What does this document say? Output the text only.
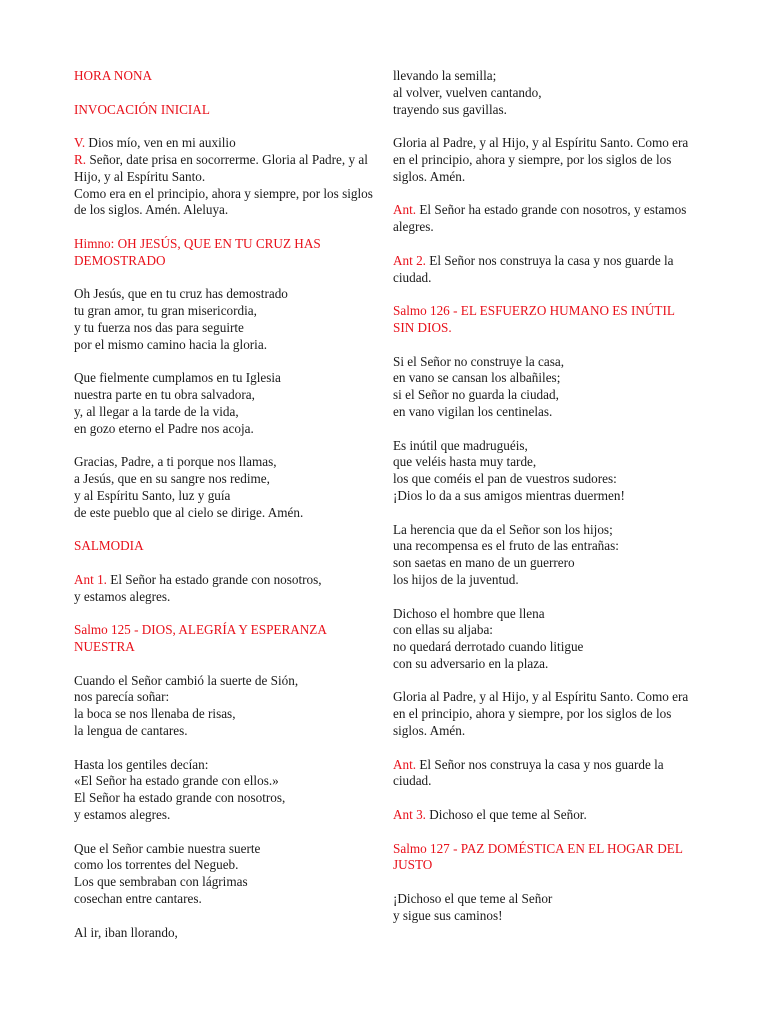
HORA NONA
INVOCACIÓN INICIAL
V. Dios mío, ven en mi auxilio
R. Señor, date prisa en socorrerme. Gloria al Padre, y al Hijo, y al Espíritu Santo.
Como era en el principio, ahora y siempre, por los siglos de los siglos. Amén. Aleluya.
Himno: OH JESÚS, QUE EN TU CRUZ HAS DEMOSTRADO
Oh Jesús, que en tu cruz has demostrado
tu gran amor, tu gran misericordia,
y tu fuerza nos das para seguirte
por el mismo camino hacia la gloria.
Que fielmente cumplamos en tu Iglesia
nuestra parte en tu obra salvadora,
y, al llegar a la tarde de la vida,
en gozo eterno el Padre nos acoja.
Gracias, Padre, a ti porque nos llamas,
a Jesús, que en su sangre nos redime,
y al Espíritu Santo, luz y guía
de este pueblo que al cielo se dirige. Amén.
SALMODIA
Ant 1. El Señor ha estado grande con nosotros,
y estamos alegres.
Salmo 125 - DIOS, ALEGRÍA Y ESPERANZA NUESTRA
Cuando el Señor cambió la suerte de Sión,
nos parecía soñar:
la boca se nos llenaba de risas,
la lengua de cantares.
Hasta los gentiles decían:
«El Señor ha estado grande con ellos.»
El Señor ha estado grande con nosotros,
y estamos alegres.
Que el Señor cambie nuestra suerte
como los torrentes del Negueb.
Los que sembraban con lágrimas
cosechan entre cantares.
Al ir, iban llorando,
llevando la semilla;
al volver, vuelven cantando,
trayendo sus gavillas.
Gloria al Padre, y al Hijo, y al Espíritu Santo. Como era en el principio, ahora y siempre, por los siglos de los siglos. Amén.
Ant. El Señor ha estado grande con nosotros, y estamos alegres.
Ant 2. El Señor nos construya la casa y nos guarde la ciudad.
Salmo 126 - EL ESFUERZO HUMANO ES INÚTIL SIN DIOS.
Si el Señor no construye la casa,
en vano se cansan los albañiles;
si el Señor no guarda la ciudad,
en vano vigilan los centinelas.
Es inútil que madruguéis,
que veléis hasta muy tarde,
los que coméis el pan de vuestros sudores:
¡Dios lo da a sus amigos mientras duermen!
La herencia que da el Señor son los hijos;
una recompensa es el fruto de las entrañas:
son saetas en mano de un guerrero
los hijos de la juventud.
Dichoso el hombre que llena
con ellas su aljaba:
no quedará derrotado cuando litigue
con su adversario en la plaza.
Gloria al Padre, y al Hijo, y al Espíritu Santo. Como era en el principio, ahora y siempre, por los siglos de los siglos. Amén.
Ant. El Señor nos construya la casa y nos guarde la ciudad.
Ant 3. Dichoso el que teme al Señor.
Salmo 127 - PAZ DOMÉSTICA EN EL HOGAR DEL JUSTO
¡Dichoso el que teme al Señor
y sigue sus caminos!
